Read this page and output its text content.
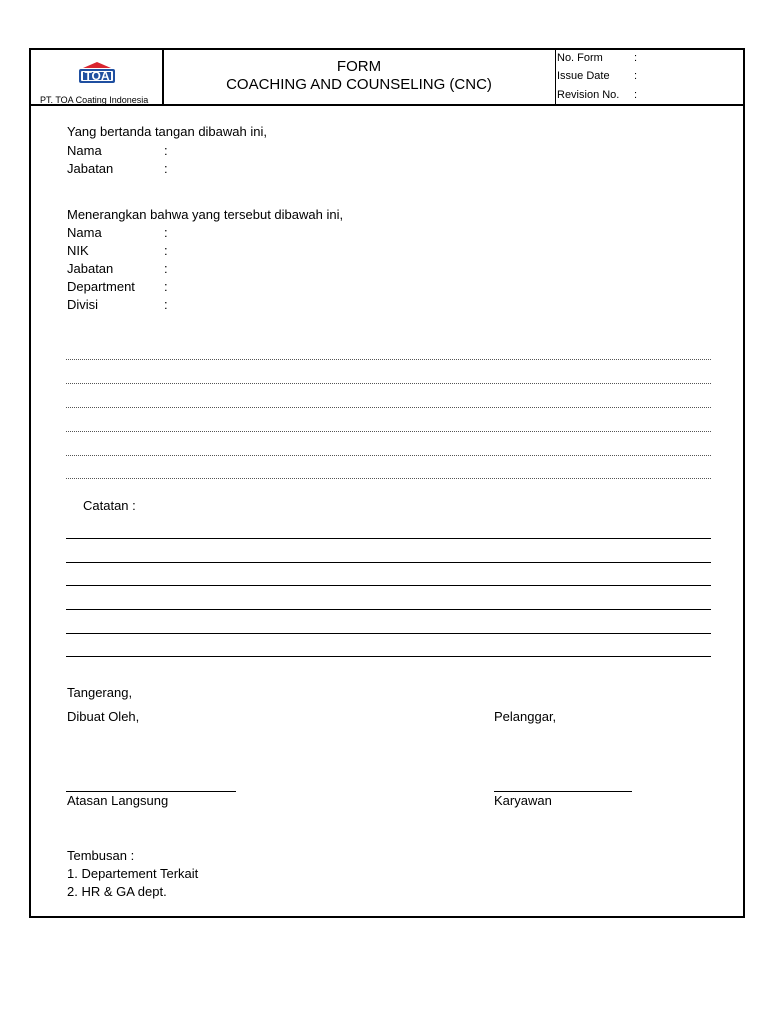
TOA
PT. TOA Coating Indonesia
FORM
COACHING AND COUNSELING (CNC)
No. Form	:
Issue Date :
Revision No. :
Yang bertanda tangan dibawah ini,
Nama	:
Jabatan	:
Menerangkan bahwa yang tersebut dibawah ini,
Nama	:
NIK	:
Jabatan	:
Department :
Divisi	:
Catatan :
Tangerang,
Dibuat Oleh,	Pelanggar,
Atasan Langsung	Karyawan
Tembusan :
1. Departement Terkait
2. HR & GA dept.
